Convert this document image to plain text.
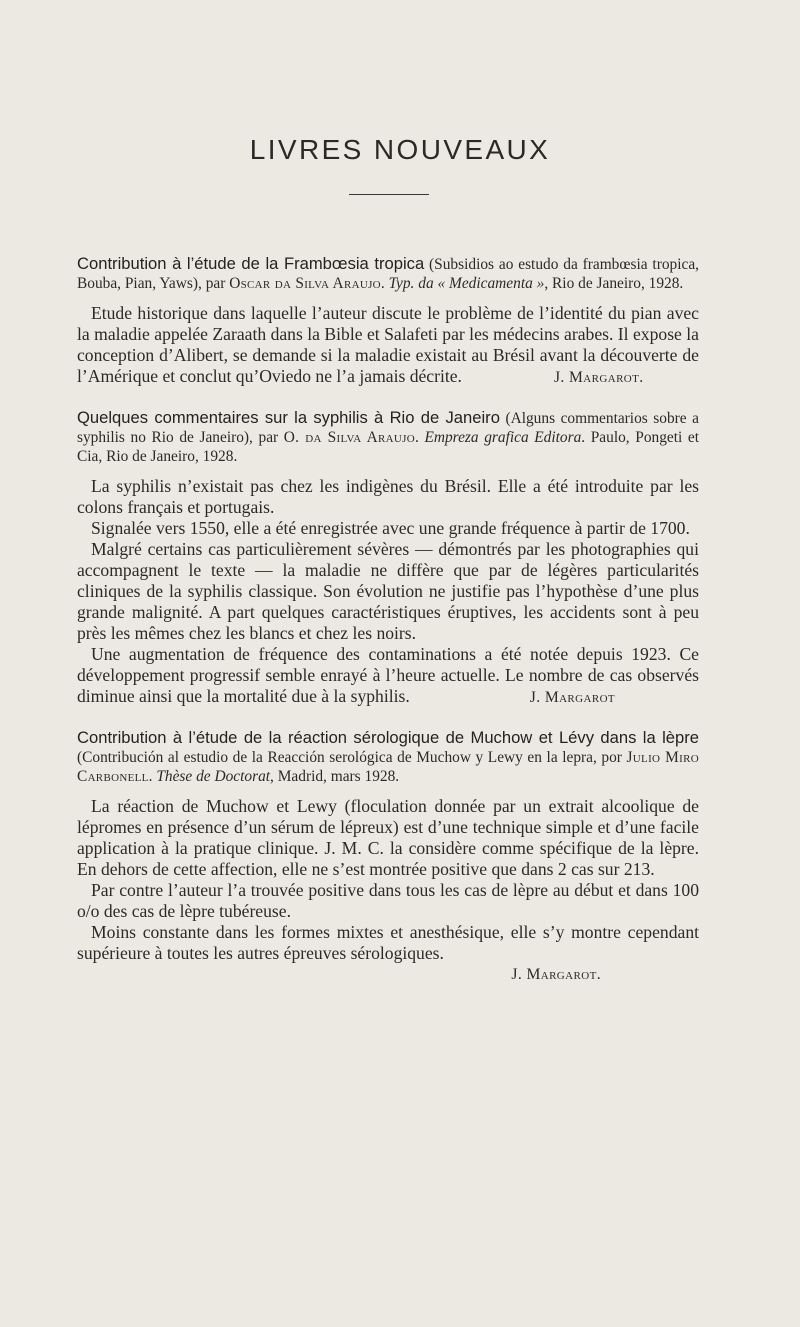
LIVRES NOUVEAUX

Contribution à l’étude de la Frambœsia tropica (Subsidios ao estudo da frambœsia tropica, Bouba, Pian, Yaws), par Oscar da Silva Araujo. Typ. da « Medicamenta », Rio de Janeiro, 1928.

Etude historique dans laquelle l’auteur discute le problème de l’identité du pian avec la maladie appelée Zaraath dans la Bible et Salafeti par les médecins arabes. Il expose la conception d’Alibert, se demande si la maladie existait au Brésil avant la découverte de l’Amérique et conclut qu’Oviedo ne l’a jamais décrite.	J. Margarot.

Quelques commentaires sur la syphilis à Rio de Janeiro (Alguns commentarios sobre a syphilis no Rio de Janeiro), par O. da Silva Araujo. Empreza grafica Editora. Paulo, Pongeti et Cia, Rio de Janeiro, 1928.

La syphilis n’existait pas chez les indigènes du Brésil. Elle a été introduite par les colons français et portugais.

Signalée vers 1550, elle a été enregistrée avec une grande fréquence à partir de 1700.

Malgré certains cas particulièrement sévères — démontrés par les photographies qui accompagnent le texte — la maladie ne diffère que par de légères particularités cliniques de la syphilis classique. Son évolution ne justifie pas l’hypothèse d’une plus grande malignité. A part quelques caractéristiques éruptives, les accidents sont à peu près les mêmes chez les blancs et chez les noirs.

Une augmentation de fréquence des contaminations a été notée depuis 1923. Ce développement progressif semble enrayé à l’heure actuelle. Le nombre de cas observés diminue ainsi que la mortalité due à la syphilis.	J. Margarot

Contribution à l’étude de la réaction sérologique de Muchow et Lévy dans la lèpre (Contribución al estudio de la Reacción serológica de Muchow y Lewy en la lepra, por Julio Miro Carbonell. Thèse de Doctorat, Madrid, mars 1928.

La réaction de Muchow et Lewy (floculation donnée par un extrait alcoolique de lépromes en présence d’un sérum de lépreux) est d’une technique simple et d’une facile application à la pratique clinique. J. M. C. la considère comme spécifique de la lèpre. En dehors de cette affection, elle ne s’est montrée positive que dans 2 cas sur 213.

Par contre l’auteur l’a trouvée positive dans tous les cas de lèpre au début et dans 100 o/o des cas de lèpre tubéreuse.

Moins constante dans les formes mixtes et anesthésique, elle s’y montre cependant supérieure à toutes les autres épreuves sérologiques.

J. Margarot.
